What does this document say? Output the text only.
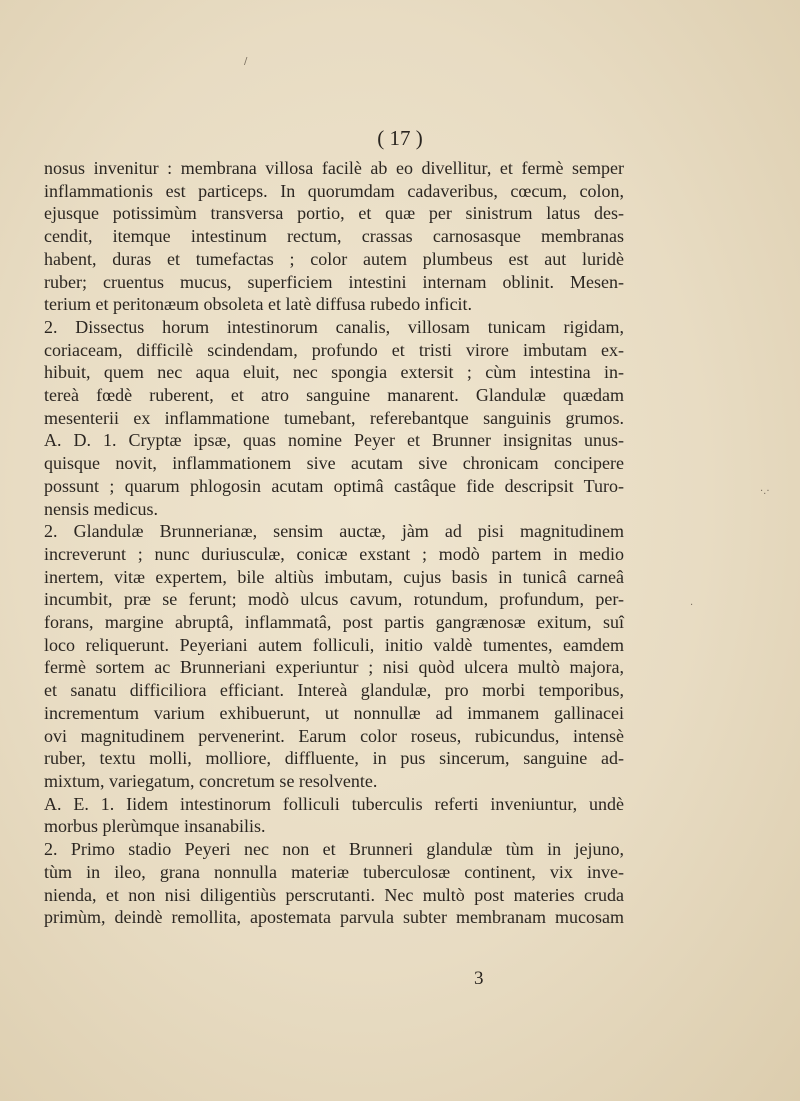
( 17 )
nosus invenitur : membrana villosa facilè ab eo divellitur, et fermè semper
inflammationis est particeps. In quorumdam cadaveribus, cœcum, colon,
ejusque potissimùm transversa portio, et quæ per sinistrum latus des-
cendit, itemque intestinum rectum, crassas carnosasque membranas
habent, duras et tumefactas ; color autem plumbeus est aut luridè
ruber; cruentus mucus, superficiem intestini internam oblinit. Mesen-
terium et peritonæum obsoleta et latè diffusa rubedo inficit.
2. Dissectus horum intestinorum canalis, villosam tunicam rigidam,
coriaceam, difficilè scindendam, profundo et tristi virore imbutam ex-
hibuit, quem nec aqua eluit, nec spongia extersit ; cùm intestina in-
tereà fœdè ruberent, et atro sanguine manarent. Glandulæ quædam
mesenterii ex inflammatione tumebant, referebantque sanguinis grumos.
A. D. 1. Cryptæ ipsæ, quas nomine Peyer et Brunner insignitas unus-
quisque novit, inflammationem sive acutam sive chronicam concipere
possunt ; quarum phlogosin acutam optimâ castâque fide descripsit Turo-
nensis medicus.
2. Glandulæ Brunnerianæ, sensim auctæ, jàm ad pisi magnitudinem
increverunt ; nunc duriusculæ, conicæ exstant ; modò partem in medio
inertem, vitæ expertem, bile altiùs imbutam, cujus basis in tunicâ carneâ
incumbit, præ se ferunt; modò ulcus cavum, rotundum, profundum, per-
forans, margine abruptâ, inflammatâ, post partis gangrænosæ exitum, suî
loco reliquerunt. Peyeriani autem folliculi, initio valdè tumentes, eamdem
fermè sortem ac Brunneriani experiuntur ; nisi quòd ulcera multò majora,
et sanatu difficiliora efficiant. Intereà glandulæ, pro morbi temporibus,
incrementum varium exhibuerunt, ut nonnullæ ad immanem gallinacei
ovi magnitudinem pervenerint. Earum color roseus, rubicundus, intensè
ruber, textu molli, molliore, diffluente, in pus sincerum, sanguine ad-
mixtum, variegatum, concretum se resolvente.
A. E. 1. Iidem intestinorum folliculi tuberculis referti inveniuntur, undè
morbus plerùmque insanabilis.
2. Primo stadio Peyeri nec non et Brunneri glandulæ tùm in jejuno,
tùm in ileo, grana nonnulla materiæ tuberculosæ continent, vix inve-
nienda, et non nisi diligentiùs perscrutanti. Nec multò post materies cruda
primùm, deindè remollita, apostemata parvula subter membranam mucosam
3
/
·.·
·
